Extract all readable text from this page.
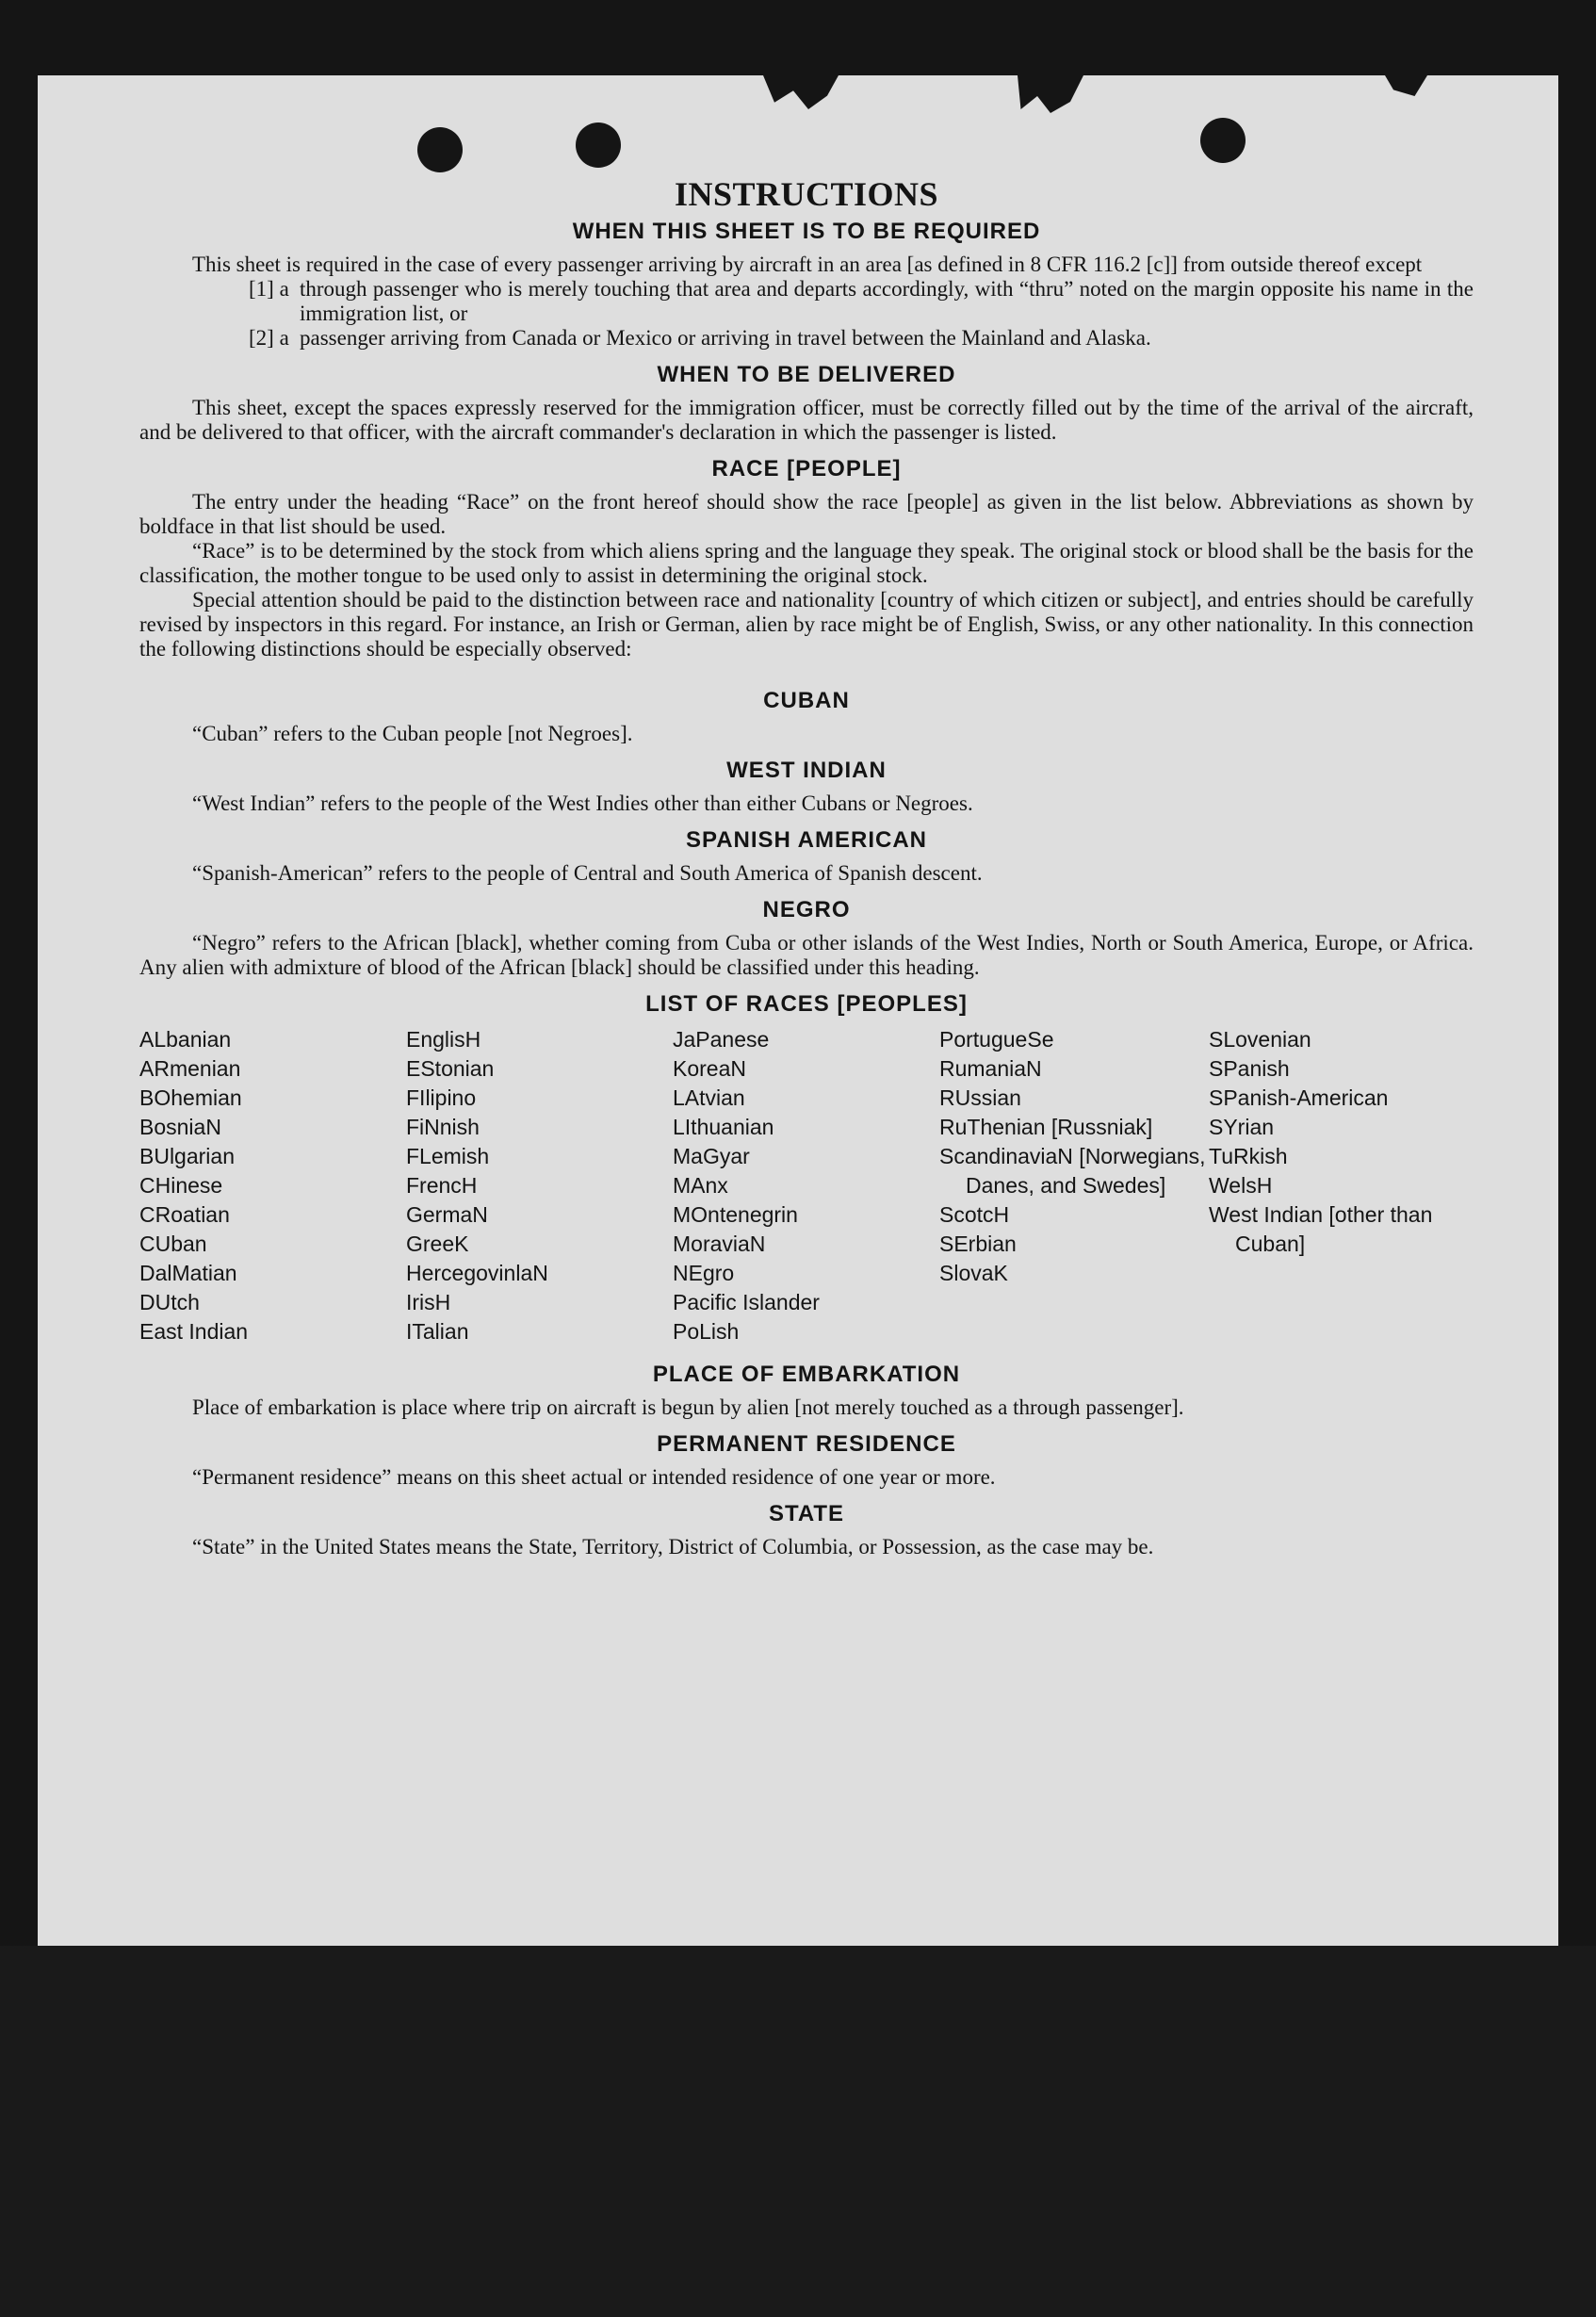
INSTRUCTIONS
WHEN THIS SHEET IS TO BE REQUIRED

This sheet is required in the case of every passenger arriving by aircraft in an area [as defined in 8 CFR 116.2 [c]] from outside thereof except

[1] a through passenger who is merely touching that area and departs accordingly, with “thru” noted on the margin opposite his name in the immigration list, or
[2] a passenger arriving from Canada or Mexico or arriving in travel between the Mainland and Alaska.
WHEN TO BE DELIVERED

This sheet, except the spaces expressly reserved for the immigration officer, must be correctly filled out by the time of the arrival of the aircraft, and be delivered to that officer, with the aircraft commander's declaration in which the passenger is listed.

RACE [PEOPLE]

The entry under the heading “Race” on the front hereof should show the race [people] as given in the list below. Abbreviations as shown by boldface in that list should be used.

“Race” is to be determined by the stock from which aliens spring and the language they speak. The original stock or blood shall be the basis for the classification, the mother tongue to be used only to assist in determining the original stock.

Special attention should be paid to the distinction between race and nationality [country of which citizen or subject], and entries should be carefully revised by inspectors in this regard. For instance, an Irish or German, alien by race might be of English, Swiss, or any other nationality. In this connection the following distinctions should be especially observed:

CUBAN

“Cuban” refers to the Cuban people [not Negroes].

WEST INDIAN

“West Indian” refers to the people of the West Indies other than either Cubans or Negroes.

SPANISH AMERICAN

“Spanish-American” refers to the people of Central and South America of Spanish descent.

NEGRO

“Negro” refers to the African [black], whether coming from Cuba or other islands of the West Indies, North or South America, Europe, or Africa. Any alien with admixture of blood of the African [black] should be classified under this heading.

LIST OF RACES [PEOPLES]
ALbanian
ARmenian
BOhemian
BosniaN
BUlgarian
CHinese
CRoatian
CUban
DalMatian
DUtch
East Indian
EnglisH
EStonian
FIlipino
FiNnish
FLemish
FrencH
GermaN
GreeK
HercegovinlaN
IrisH
ITalian
JaPanese
KoreaN
LAtvian
LIthuanian
MaGyar
MAnx
MOntenegrin
MoraviaN
NEgro
Pacific Islander
PoLish
PortugueSe
RumaniaN
RUssian
RuThenian [Russniak]
ScandinaviaN [Norwegians, Danes, and Swedes]
ScotcH
SErbian
SlovaK
SLovenian
SPanish
SPanish-American
SYrian
TuRkish
WelsH
West Indian [other than Cuban]
PLACE OF EMBARKATION

Place of embarkation is place where trip on aircraft is begun by alien [not merely touched as a through passenger].

PERMANENT RESIDENCE

“Permanent residence” means on this sheet actual or intended residence of one year or more.

STATE

“State” in the United States means the State, Territory, District of Columbia, or Possession, as the case may be.
